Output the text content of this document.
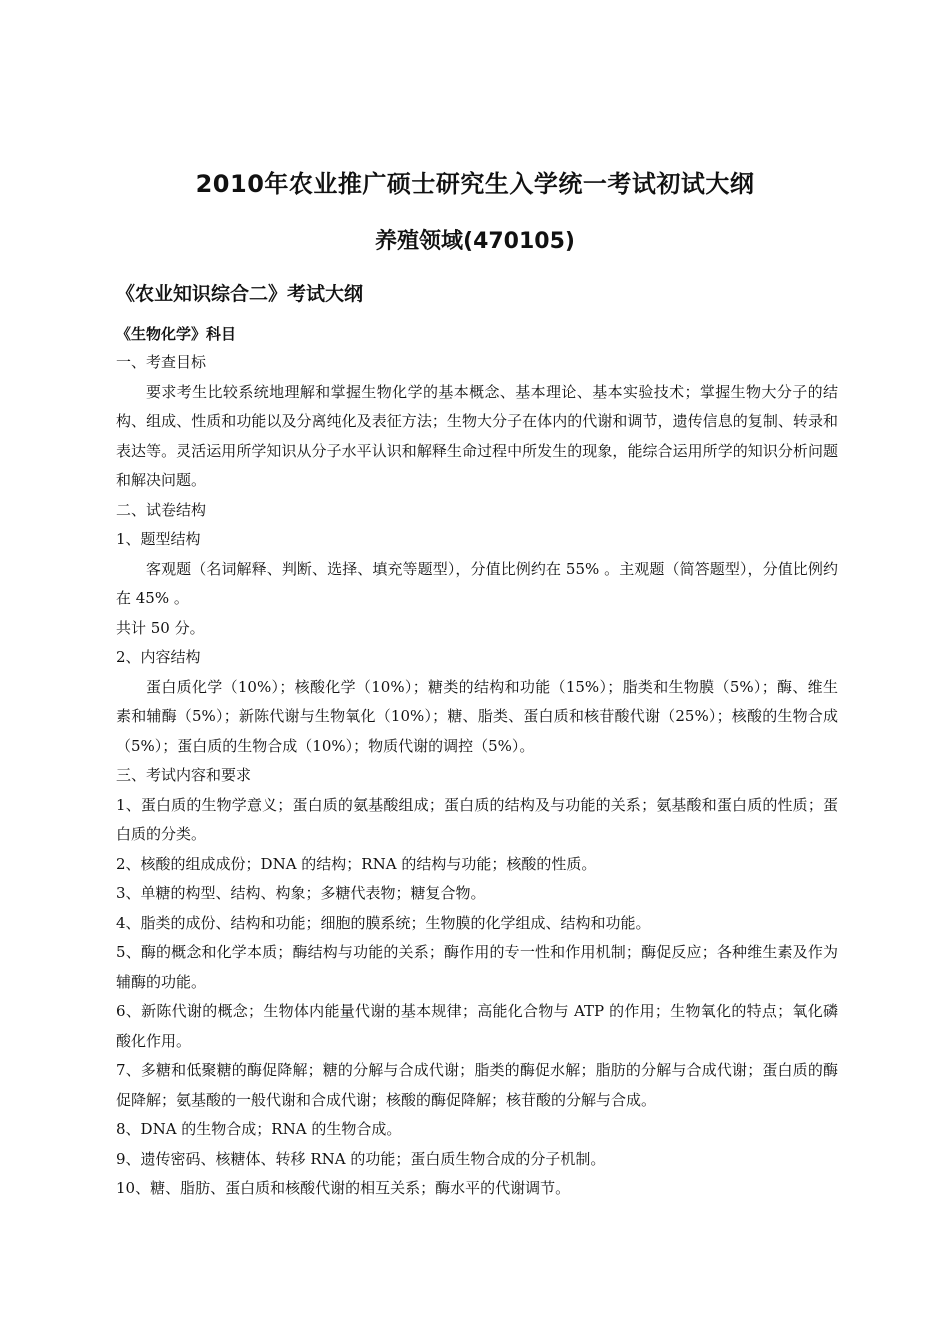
2010年农业推广硕士研究生入学统一考试初试大纲
养殖领域(470105)
《农业知识综合二》考试大纲
《生物化学》科目

一、考查目标

要求考生比较系统地理解和掌握生物化学的基本概念、基本理论、基本实验技术；掌握生物大分子的结构、组成、性质和功能以及分离纯化及表征方法；生物大分子在体内的代谢和调节，遗传信息的复制、转录和表达等。灵活运用所学知识从分子水平认识和解释生命过程中所发生的现象，能综合运用所学的知识分析问题和解决问题。

二、试卷结构

1、题型结构

客观题（名词解释、判断、选择、填充等题型），分值比例约在 55% 。主观题（简答题型），分值比例约在 45% 。

共计 50 分。

2、内容结构

蛋白质化学（10%）；核酸化学（10%）；糖类的结构和功能（15%）；脂类和生物膜（5%）；酶、维生素和辅酶（5%）；新陈代谢与生物氧化（10%）；糖、脂类、蛋白质和核苷酸代谢（25%）；核酸的生物合成（5%）；蛋白质的生物合成（10%）；物质代谢的调控（5%）。

三、考试内容和要求

1、蛋白质的生物学意义；蛋白质的氨基酸组成；蛋白质的结构及与功能的关系；氨基酸和蛋白质的性质；蛋白质的分类。

2、核酸的组成成份；DNA 的结构；RNA 的结构与功能；核酸的性质。

3、单糖的构型、结构、构象；多糖代表物；糖复合物。

4、脂类的成份、结构和功能；细胞的膜系统；生物膜的化学组成、结构和功能。

5、酶的概念和化学本质；酶结构与功能的关系；酶作用的专一性和作用机制；酶促反应；各种维生素及作为辅酶的功能。

6、新陈代谢的概念；生物体内能量代谢的基本规律；高能化合物与 ATP 的作用；生物氧化的特点；氧化磷酸化作用。

7、多糖和低聚糖的酶促降解；糖的分解与合成代谢；脂类的酶促水解；脂肪的分解与合成代谢；蛋白质的酶促降解；氨基酸的一般代谢和合成代谢；核酸的酶促降解；核苷酸的分解与合成。

8、DNA 的生物合成；RNA 的生物合成。

9、遗传密码、核糖体、转移 RNA 的功能；蛋白质生物合成的分子机制。

10、糖、脂肪、蛋白质和核酸代谢的相互关系；酶水平的代谢调节。
